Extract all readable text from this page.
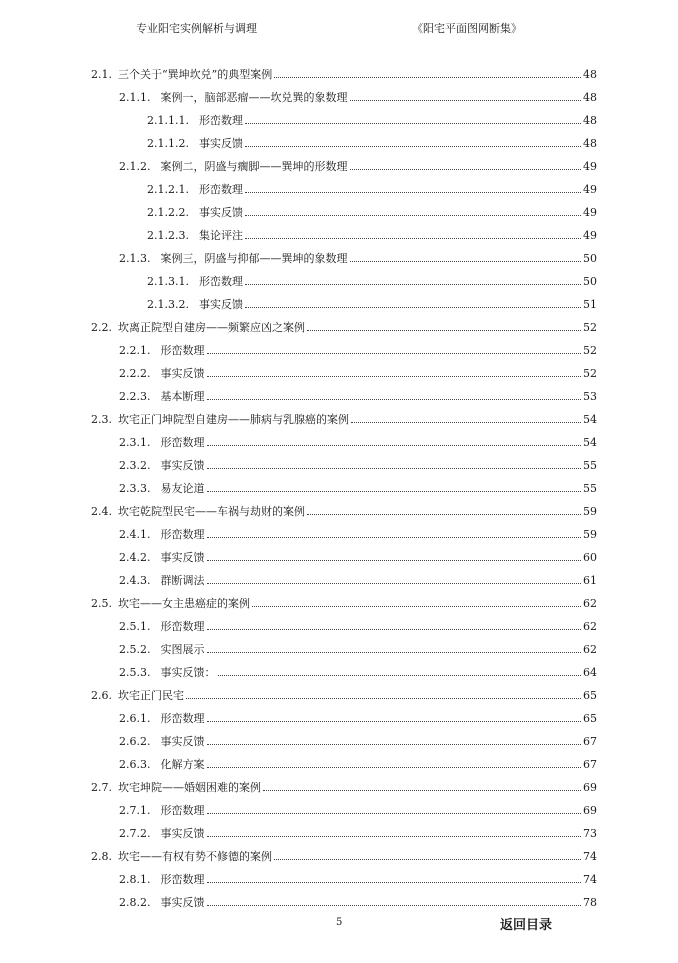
专业阳宅实例解析与调理	《阳宅平面图网断集》
2.1. 三个关于“巽坤坎兑”的典型案例	48
2.1.1. 案例一，脑部恶瘤——坎兑巽的象数理	48
2.1.1.1. 形峦数理	48
2.1.1.2. 事实反馈	48
2.1.2. 案例二，阴盛与瘸脚——巽坤的形数理	49
2.1.2.1. 形峦数理	49
2.1.2.2. 事实反馈	49
2.1.2.3. 集论评注	49
2.1.3. 案例三，阴盛与抑郁——巽坤的象数理	50
2.1.3.1. 形峦数理	50
2.1.3.2. 事实反馈	51
2.2. 坎离正院型自建房——频繁应凶之案例	52
2.2.1. 形峦数理	52
2.2.2. 事实反馈	52
2.2.3. 基本断理	53
2.3. 坎宅正门坤院型自建房——肺病与乳腺癌的案例	54
2.3.1. 形峦数理	54
2.3.2. 事实反馈	55
2.3.3. 易友论道	55
2.4. 坎宅乾院型民宅——车祸与劫财的案例	59
2.4.1. 形峦数理	59
2.4.2. 事实反馈	60
2.4.3. 群断调法	61
2.5. 坎宅——女主患癌症的案例	62
2.5.1. 形峦数理	62
2.5.2. 实图展示	62
2.5.3. 事实反馈：	64
2.6. 坎宅正门民宅	65
2.6.1. 形峦数理	65
2.6.2. 事实反馈	67
2.6.3. 化解方案	67
2.7. 坎宅坤院——婚姻困难的案例	69
2.7.1. 形峦数理	69
2.7.2. 事实反馈	73
2.8. 坎宅——有权有势不修德的案例	74
2.8.1. 形峦数理	74
2.8.2. 事实反馈	78
5	返回目录
